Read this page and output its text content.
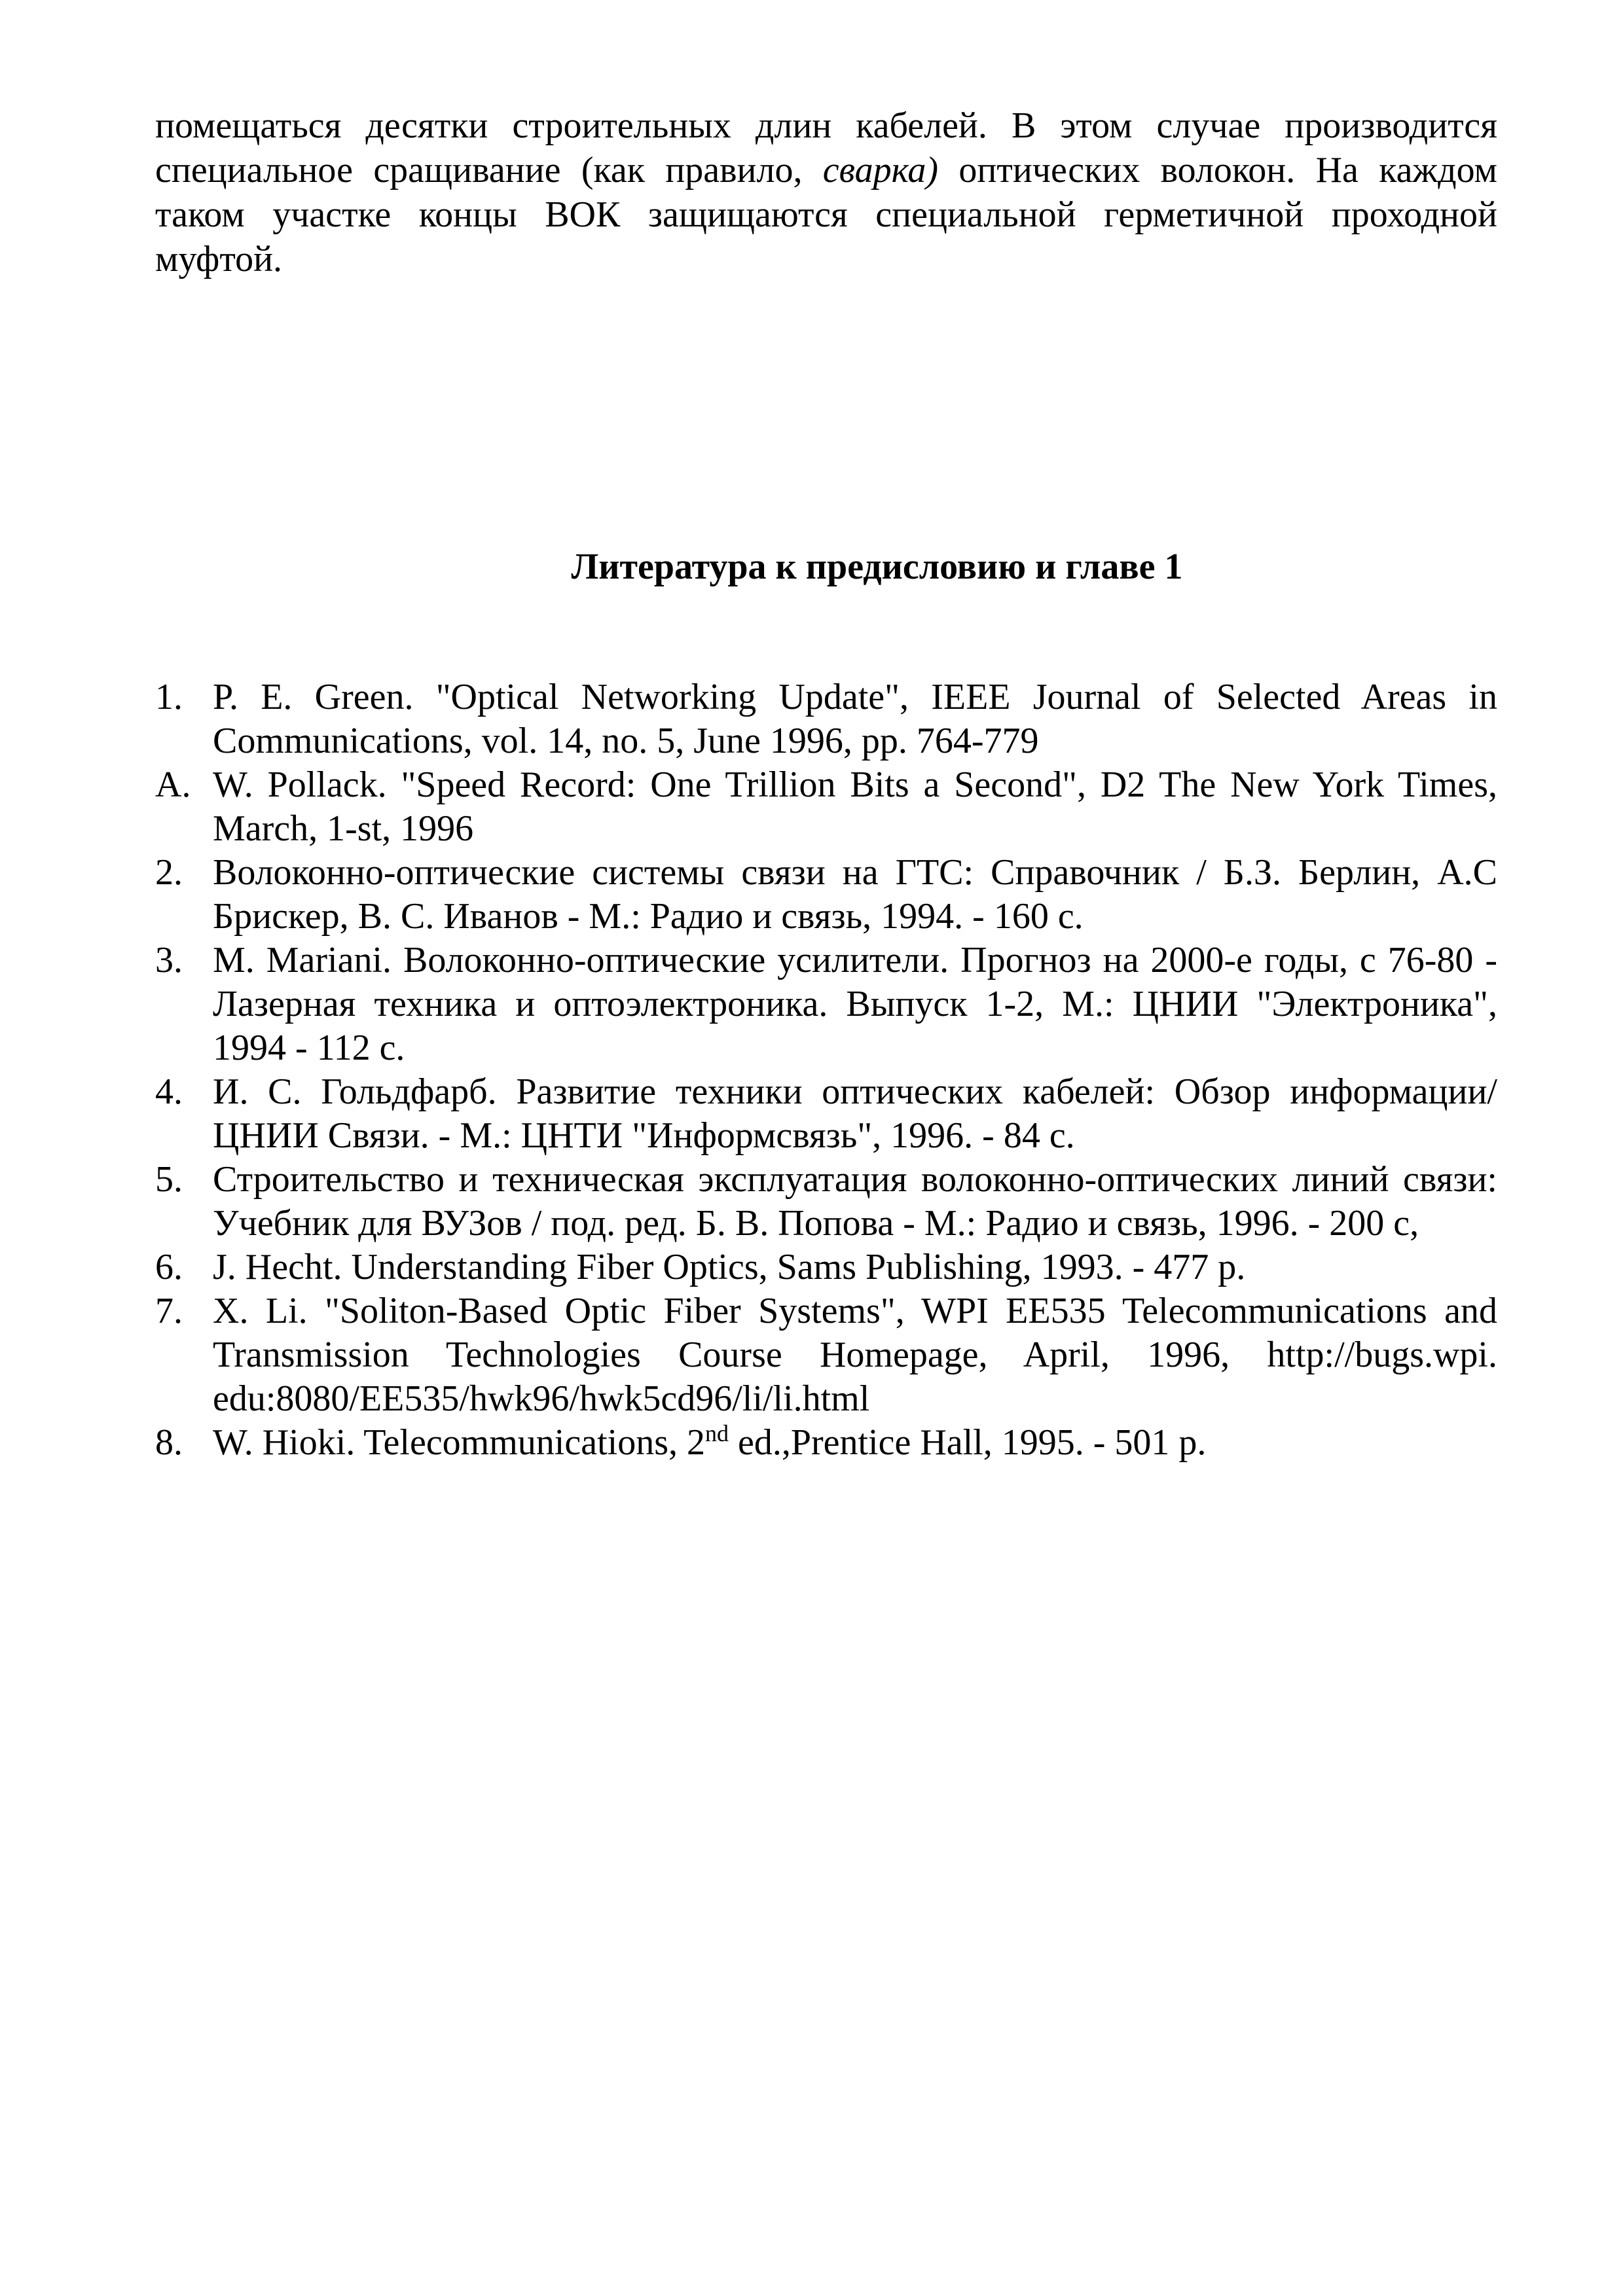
помещаться десятки строительных длин кабелей. В этом случае производится специальное сращивание (как правило, сварка) оптических волокон. На каждом таком участке концы ВОК защищаются специальной герметичной проходной муфтой.

Литература к предисловию и главе 1
1. P. E. Green. "Optical Networking Update", IEEE Journal of Selected Areas in Communications, vol. 14, no. 5, June 1996, pp. 764-779
A. W. Pollack. "Speed Record: One Trillion Bits a Second", D2 The New York Times, March, 1-st, 1996
2. Волоконно-оптические системы связи на ГТС: Справочник / Б.З. Берлин, А.С Брискер, В. С. Иванов - М.: Радио и связь, 1994. - 160 с.
3. M. Mariani. Волоконно-оптические усилители. Прогноз на 2000-е годы, с 76-80 - Лазерная техника и оптоэлектроника. Выпуск 1-2, М.: ЦНИИ "Электроника", 1994 - 112 с.
4. И. С. Гольдфарб. Развитие техники оптических кабелей: Обзор информации/ ЦНИИ Связи. - М.: ЦНТИ "Информсвязь", 1996. - 84 с.
5. Строительство и техническая эксплуатация волоконно-оптических линий связи: Учебник для ВУЗов / под. ред. Б. В. Попова - М.: Радио и связь, 1996. - 200 с,
6. J. Hecht. Understanding Fiber Optics, Sams Publishing, 1993. - 477 p.
7. X. Li. "Soliton-Based Optic Fiber Systems", WPI EE535 Telecommunications and Transmission Technologies Course Homepage, April, 1996, http://bugs.wpi. edu:8080/EE535/hwk96/hwk5cd96/li/li.html
8. W. Hioki. Telecommunications, 2nd ed.,Prentice Hall, 1995. - 501 p.
